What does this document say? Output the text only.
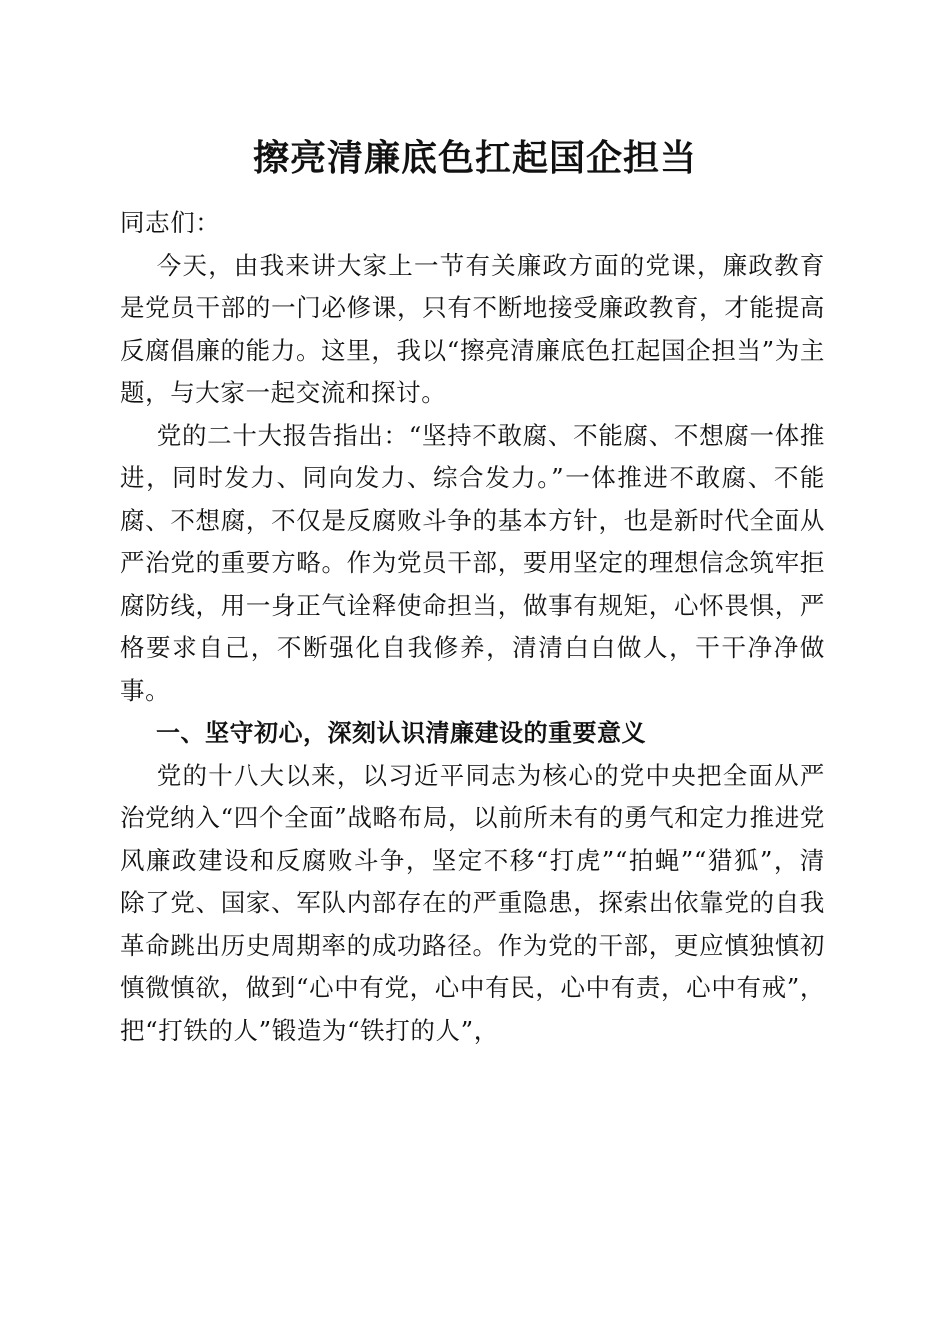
擦亮清廉底色扛起国企担当

同志们：

今天，由我来讲大家上一节有关廉政方面的党课，廉政教育是党员干部的一门必修课，只有不断地接受廉政教育，才能提高反腐倡廉的能力。这里，我以“擦亮清廉底色扛起国企担当”为主题，与大家一起交流和探讨。

党的二十大报告指出：“坚持不敢腐、不能腐、不想腐一体推进，同时发力、同向发力、综合发力。”一体推进不敢腐、不能腐、不想腐，不仅是反腐败斗争的基本方针，也是新时代全面从严治党的重要方略。作为党员干部，要用坚定的理想信念筑牢拒腐防线，用一身正气诠释使命担当，做事有规矩，心怀畏惧，严格要求自己，不断强化自我修养，清清白白做人，干干净净做事。

一、坚守初心，深刻认识清廉建设的重要意义

党的十八大以来，以习近平同志为核心的党中央把全面从严治党纳入“四个全面”战略布局，以前所未有的勇气和定力推进党风廉政建设和反腐败斗争，坚定不移“打虎”“拍蝇”“猎狐”，清除了党、国家、军队内部存在的严重隐患，探索出依靠党的自我革命跳出历史周期率的成功路径。作为党的干部，更应慎独慎初慎微慎欲，做到“心中有党，心中有民，心中有责，心中有戒”，把“打铁的人”锻造为“铁打的人”，
